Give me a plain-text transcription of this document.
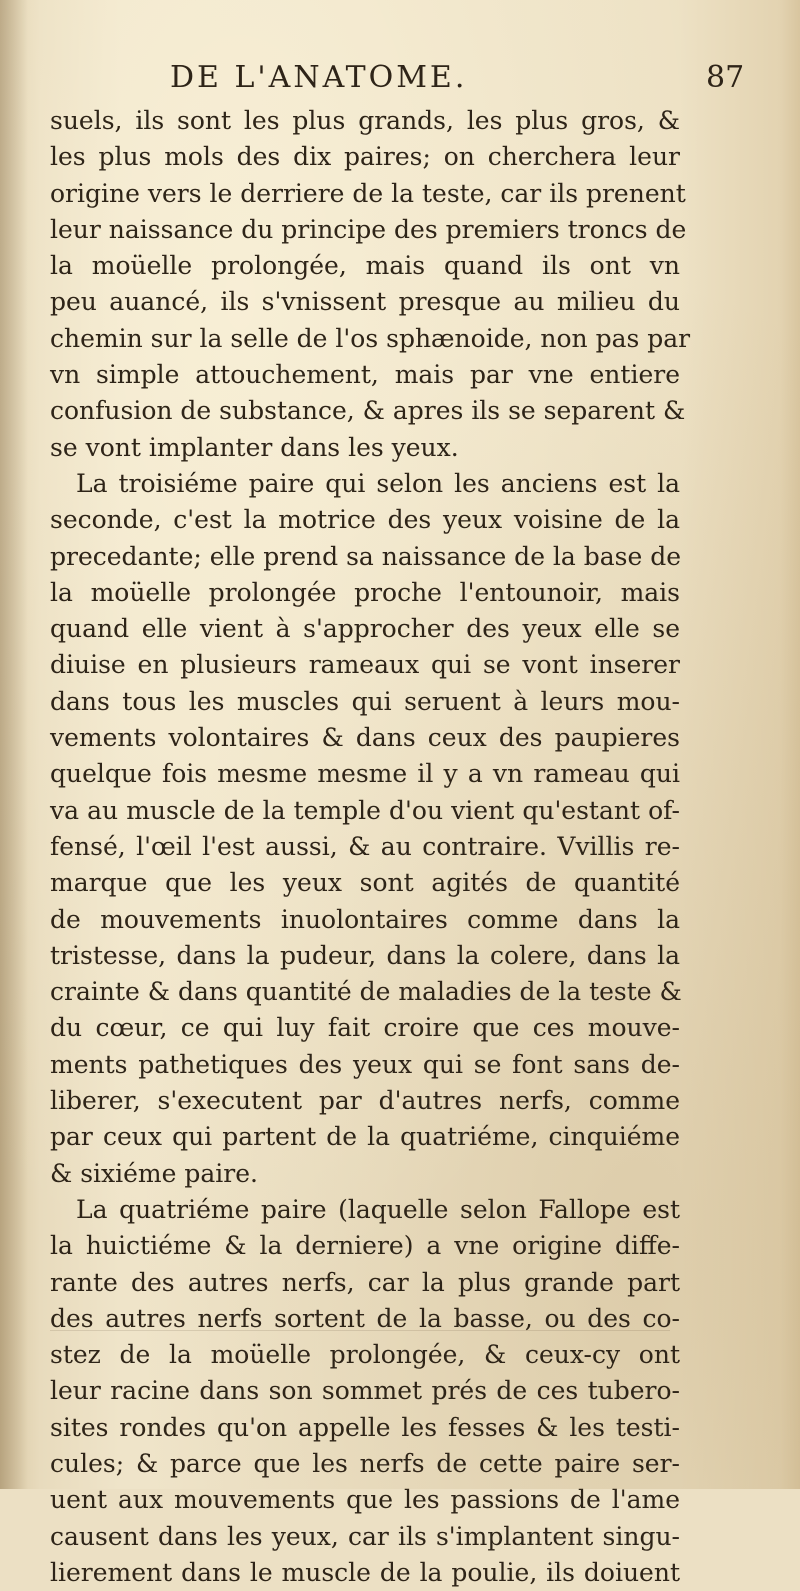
DE L'ANATOME.	87
suels, ils sont les plus grands, les plus gros, &
les plus mols des dix paires; on cherchera leur
origine vers le derriere de la teste, car ils prenent
leur naissance du principe des premiers troncs de
la moüelle prolongée, mais quand ils ont vn
peu auancé, ils s'vnissent presque au milieu du
chemin sur la selle de l'os sphænoide, non pas par
vn simple attouchement, mais par vne entiere
confusion de substance, & apres ils se separent &
se vont implanter dans les yeux.
La troisiéme paire qui selon les anciens est la
seconde, c'est la motrice des yeux voisine de la
precedante; elle prend sa naissance de la base de
la moüelle prolongée proche l'entounoir, mais
quand elle vient à s'approcher des yeux elle se
diuise en plusieurs rameaux qui se vont inserer
dans tous les muscles qui seruent à leurs mou-
vements volontaires & dans ceux des paupieres
quelque fois mesme mesme il y a vn rameau qui
va au muscle de la temple d'ou vient qu'estant of-
fensé, l'œil l'est aussi, & au contraire. Vvillis re-
marque que les yeux sont agités de quantité
de mouvements inuolontaires comme dans la
tristesse, dans la pudeur, dans la colere, dans la
crainte & dans quantité de maladies de la teste &
du cœur, ce qui luy fait croire que ces mouve-
ments pathetiques des yeux qui se font sans de-
liberer, s'executent par d'autres nerfs, comme
par ceux qui partent de la quatriéme, cinquiéme
& sixiéme paire.
La quatriéme paire (laquelle selon Fallope est
la huictiéme & la derniere) a vne origine diffe-
rante des autres nerfs, car la plus grande part
des autres nerfs sortent de la basse, ou des co-
stez de la moüelle prolongée, & ceux-cy ont
leur racine dans son sommet prés de ces tubero-
sites rondes qu'on appelle les fesses & les testi-
cules; & parce que les nerfs de cette paire ser-
uent aux mouvements que les passions de l'ame
causent dans les yeux, car ils s'implantent singu-
lierement dans le muscle de la poulie, ils doiuent
